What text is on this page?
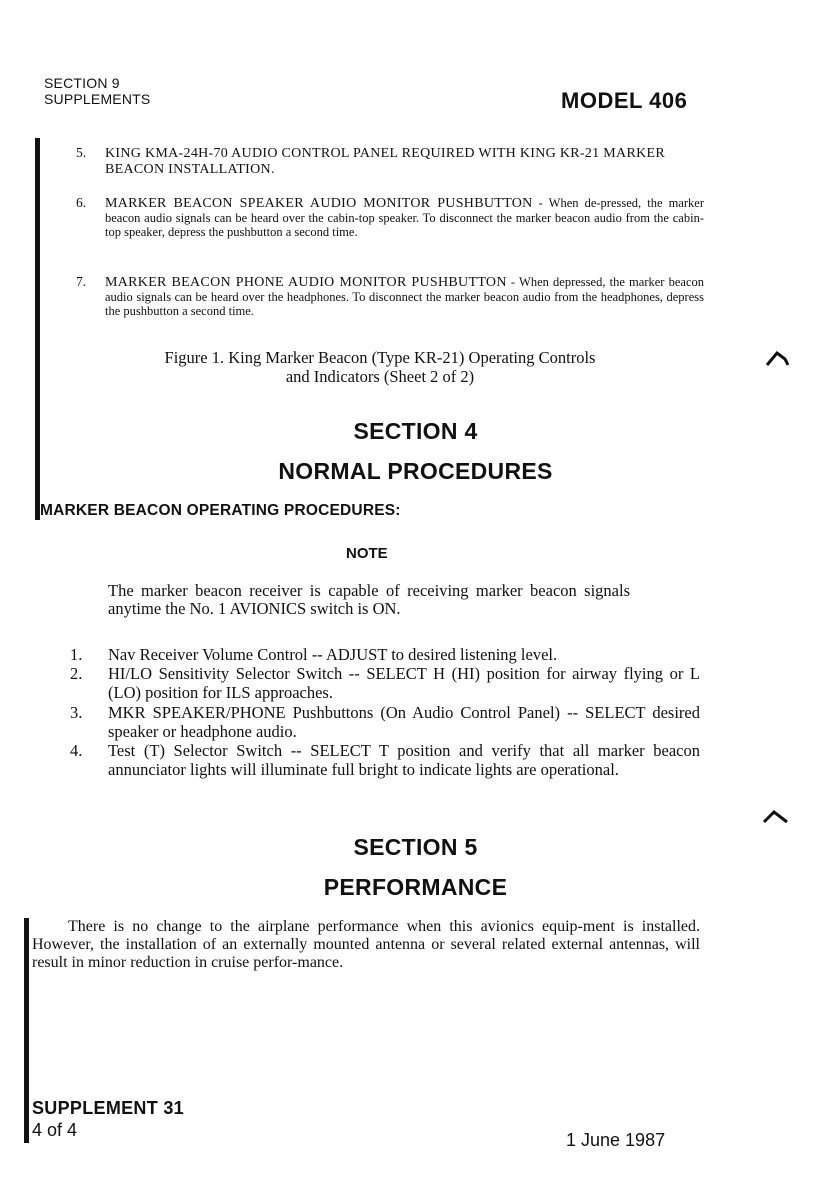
SECTION 9
SUPPLEMENTS	MODEL 406
5.	KING KMA-24H-70 AUDIO CONTROL PANEL REQUIRED WITH KING KR-21 MARKER BEACON INSTALLATION.
6.	MARKER BEACON SPEAKER AUDIO MONITOR PUSHBUTTON - When de-pressed, the marker beacon audio signals can be heard over the cabin-top speaker. To disconnect the marker beacon audio from the cabin-top speaker, depress the pushbutton a second time.
7.	MARKER BEACON PHONE AUDIO MONITOR PUSHBUTTON - When depressed, the marker beacon audio signals can be heard over the headphones. To disconnect the marker beacon audio from the headphones, depress the pushbutton a second time.
Figure 1. King Marker Beacon (Type KR-21) Operating Controls
and Indicators (Sheet 2 of 2)
SECTION 4
NORMAL PROCEDURES
MARKER BEACON OPERATING PROCEDURES:
NOTE
The marker beacon receiver is capable of receiving marker beacon signals anytime the No. 1 AVIONICS switch is ON.
1.	Nav Receiver Volume Control -- ADJUST to desired listening level.
2.	HI/LO Sensitivity Selector Switch -- SELECT H (HI) position for airway flying or L (LO) position for ILS approaches.
3.	MKR SPEAKER/PHONE Pushbuttons (On Audio Control Panel) -- SELECT desired speaker or headphone audio.
4.	Test (T) Selector Switch -- SELECT T position and verify that all marker beacon annunciator lights will illuminate full bright to indicate lights are operational.
SECTION 5
PERFORMANCE
There is no change to the airplane performance when this avionics equip-ment is installed. However, the installation of an externally mounted antenna or several related external antennas, will result in minor reduction in cruise perfor-mance.
SUPPLEMENT 31
4 of 4	1 June 1987
